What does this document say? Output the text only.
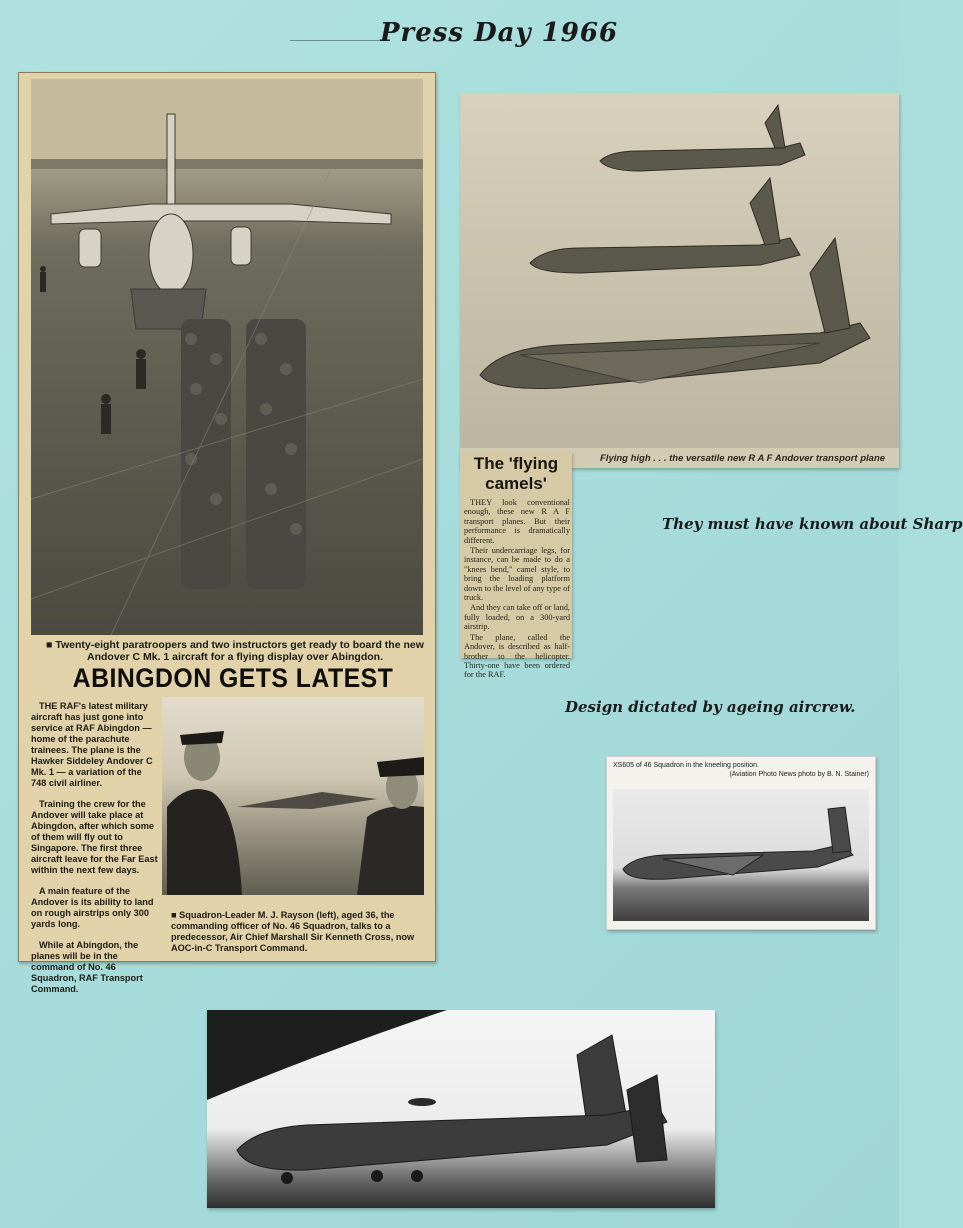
Press Day 1966
■ Twenty-eight paratroopers and two instructors get ready to board the new Andover C Mk. 1 aircraft for a flying display over Abingdon.
ABINGDON GETS LATEST

THE RAF's latest military aircraft has just gone into service at RAF Abingdon — home of the parachute trainees. The plane is the Hawker Siddeley Andover C Mk. 1 — a variation of the 748 civil airliner.

Training the crew for the Andover will take place at Abingdon, after which some of them will fly out to Singapore. The first three aircraft leave for the Far East within the next few days.

A main feature of the Andover is its ability to land on rough airstrips only 300 yards long.

While at Abingdon, the planes will be in the command of No. 46 Squadron, RAF Transport Command.

■ Squadron-Leader M. J. Rayson (left), aged 36, the commanding officer of No. 46 Squadron, talks to a predecessor, Air Chief Marshall Sir Kenneth Cross, now AOC-in-C Transport Command.
Flying high . . . the versatile new R A F Andover transport plane
The 'flying camels'

THEY look conventional enough, these new R A F transport planes. But their performance is dramatically different.

Their undercarriage legs, for instance, can be made to do a "knees bend," camel style, to bring the loading platform down to the level of any type of truck.

And they can take off or land, fully loaded, on a 300-yard airstrip.

The plane, called the Andover, is described as half-brother to the helicopter. Thirty-one have been ordered for the RAF.

They must have known about Sharp
Design dictated by ageing aircrew.
XS605 of 46 Squadron in the kneeling position.
(Aviation Photo News photo by B. N. Stainer)
